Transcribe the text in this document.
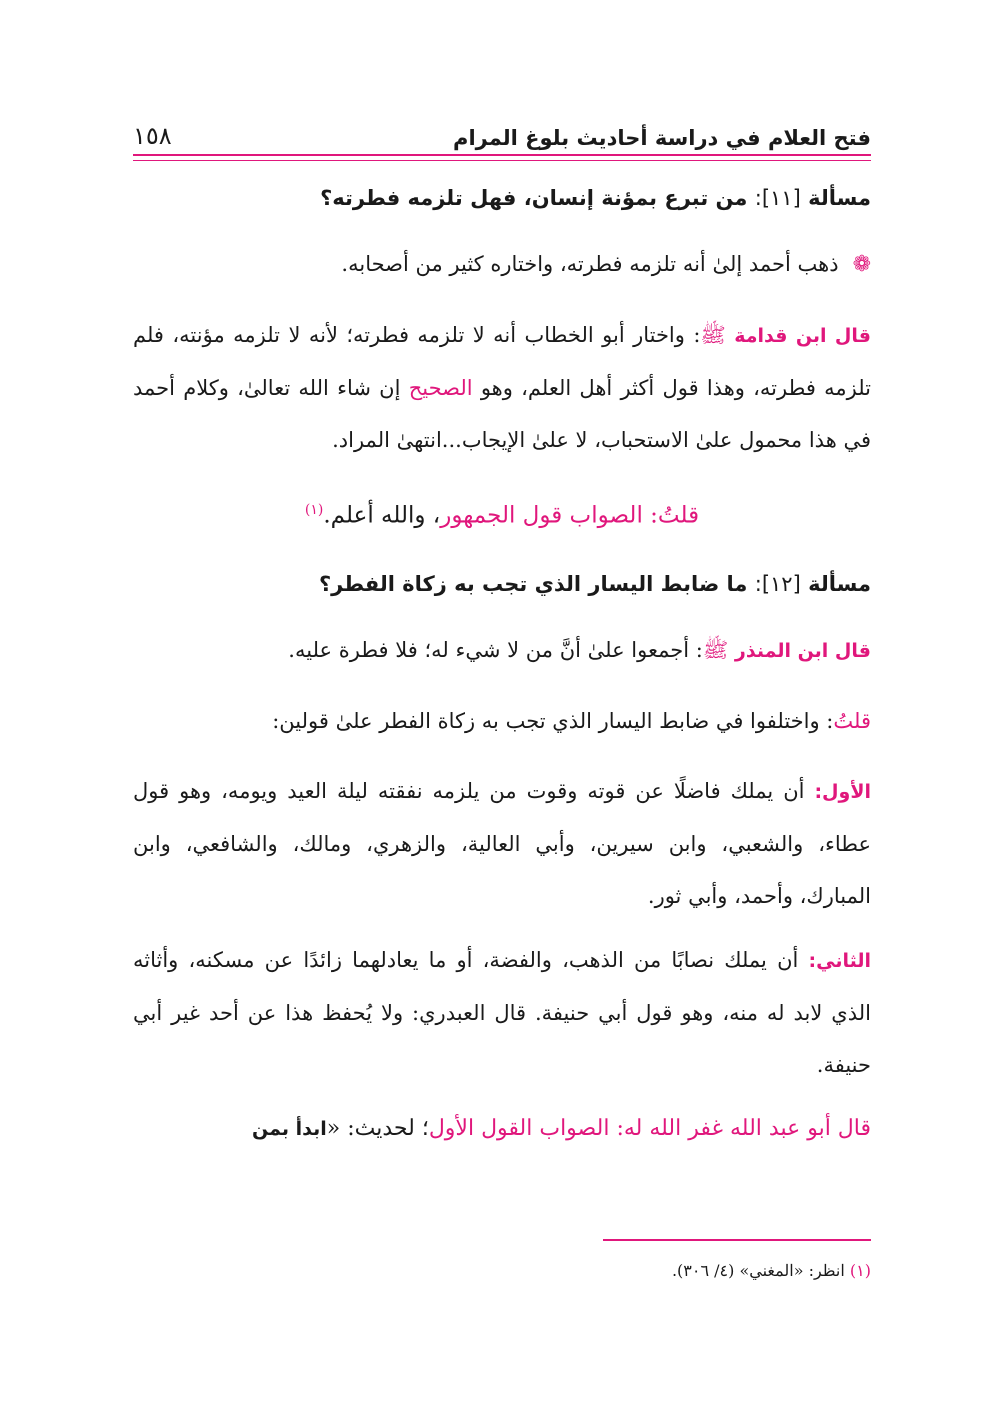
فتح العلام في دراسة أحاديث بلوغ المرام
١٥٨
مسألة [١١]: من تبرع بمؤنة إنسان، فهل تلزمه فطرته؟

❁ذهب أحمد إلىٰ أنه تلزمه فطرته، واختاره كثير من أصحابه.

قال ابن قدامة ﷺ: واختار أبو الخطاب أنه لا تلزمه فطرته؛ لأنه لا تلزمه مؤنته، فلم تلزمه فطرته، وهذا قول أكثر أهل العلم، وهو الصحيح إن شاء الله تعالىٰ، وكلام أحمد في هذا محمول علىٰ الاستحباب، لا علىٰ الإيجاب...انتهىٰ المراد.

قلتُ: الصواب قول الجمهور، والله أعلم.$^{(١)}$
مسألة [١٢]: ما ضابط اليسار الذي تجب به زكاة الفطر؟

قال ابن المنذر ﷺ: أجمعوا علىٰ أنَّ من لا شيء له؛ فلا فطرة عليه.

قلتُ: واختلفوا في ضابط اليسار الذي تجب به زكاة الفطر علىٰ قولين:

الأول: أن يملك فاضلًا عن قوته وقوت من يلزمه نفقته ليلة العيد ويومه، وهو قول عطاء، والشعبي، وابن سيرين، وأبي العالية، والزهري، ومالك، والشافعي، وابن المبارك، وأحمد، وأبي ثور.

الثاني: أن يملك نصابًا من الذهب، والفضة، أو ما يعادلهما زائدًا عن مسكنه، وأثاثه الذي لابد له منه، وهو قول أبي حنيفة. قال العبدري: ولا يُحفظ هذا عن أحد غير أبي حنيفة.

قال أبو عبد الله غفر الله له: الصواب القول الأول؛ لحديث: «ابدأ بمن

(١) انظر: «المغني» (٤/ ٣٠٦).
